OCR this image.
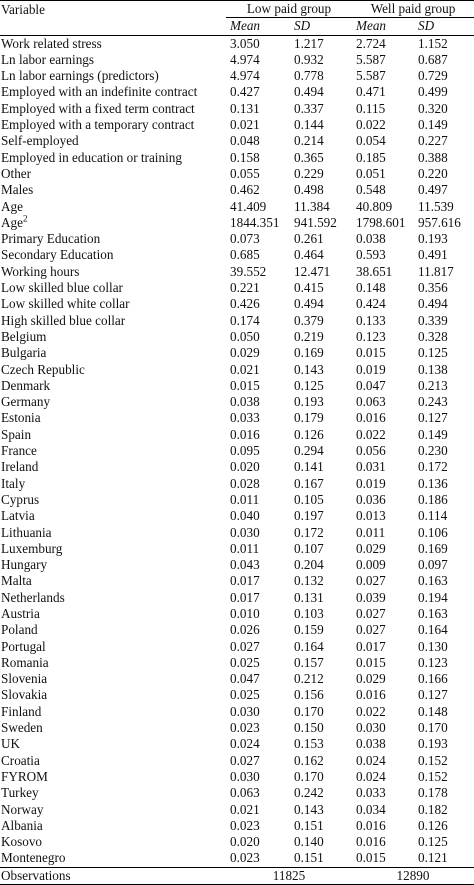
Variable	Low paid group		Well paid group	
	Mean	SD	Mean	SD
Work related stress	3.050	1.217	2.724	1.152
Ln labor earnings	4.974	0.932	5.587	0.687
Ln labor earnings (predictors)	4.974	0.778	5.587	0.729
Employed with an indefinite contract	0.427	0.494	0.471	0.499
Employed with a fixed term contract	0.131	0.337	0.115	0.320
Employed with a temporary contract	0.021	0.144	0.022	0.149
Self-employed	0.048	0.214	0.054	0.227
Employed in education or training	0.158	0.365	0.185	0.388
Other	0.055	0.229	0.051	0.220
Males	0.462	0.498	0.548	0.497
Age	41.409	11.384	40.809	11.539
Age$^2$	1844.351	941.592	1798.601	957.616
Primary Education	0.073	0.261	0.038	0.193
Secondary Education	0.685	0.464	0.593	0.491
Working hours	39.552	12.471	38.651	11.817
Low skilled blue collar	0.221	0.415	0.148	0.356
Low skilled white collar	0.426	0.494	0.424	0.494
High skilled blue collar	0.174	0.379	0.133	0.339
Belgium	0.050	0.219	0.123	0.328
Bulgaria	0.029	0.169	0.015	0.125
Czech Republic	0.021	0.143	0.019	0.138
Denmark	0.015	0.125	0.047	0.213
Germany	0.038	0.193	0.063	0.243
Estonia	0.033	0.179	0.016	0.127
Spain	0.016	0.126	0.022	0.149
France	0.095	0.294	0.056	0.230
Ireland	0.020	0.141	0.031	0.172
Italy	0.028	0.167	0.019	0.136
Cyprus	0.011	0.105	0.036	0.186
Latvia	0.040	0.197	0.013	0.114
Lithuania	0.030	0.172	0.011	0.106
Luxemburg	0.011	0.107	0.029	0.169
Hungary	0.043	0.204	0.009	0.097
Malta	0.017	0.132	0.027	0.163
Netherlands	0.017	0.131	0.039	0.194
Austria	0.010	0.103	0.027	0.163
Poland	0.026	0.159	0.027	0.164
Portugal	0.027	0.164	0.017	0.130
Romania	0.025	0.157	0.015	0.123
Slovenia	0.047	0.212	0.029	0.166
Slovakia	0.025	0.156	0.016	0.127
Finland	0.030	0.170	0.022	0.148
Sweden	0.023	0.150	0.030	0.170
UK	0.024	0.153	0.038	0.193
Croatia	0.027	0.162	0.024	0.152
FYROM	0.030	0.170	0.024	0.152
Turkey	0.063	0.242	0.033	0.178
Norway	0.021	0.143	0.034	0.182
Albania	0.023	0.151	0.016	0.126
Kosovo	0.020	0.140	0.016	0.125
Montenegro	0.023	0.151	0.015	0.121
Observations	11825		12890	
